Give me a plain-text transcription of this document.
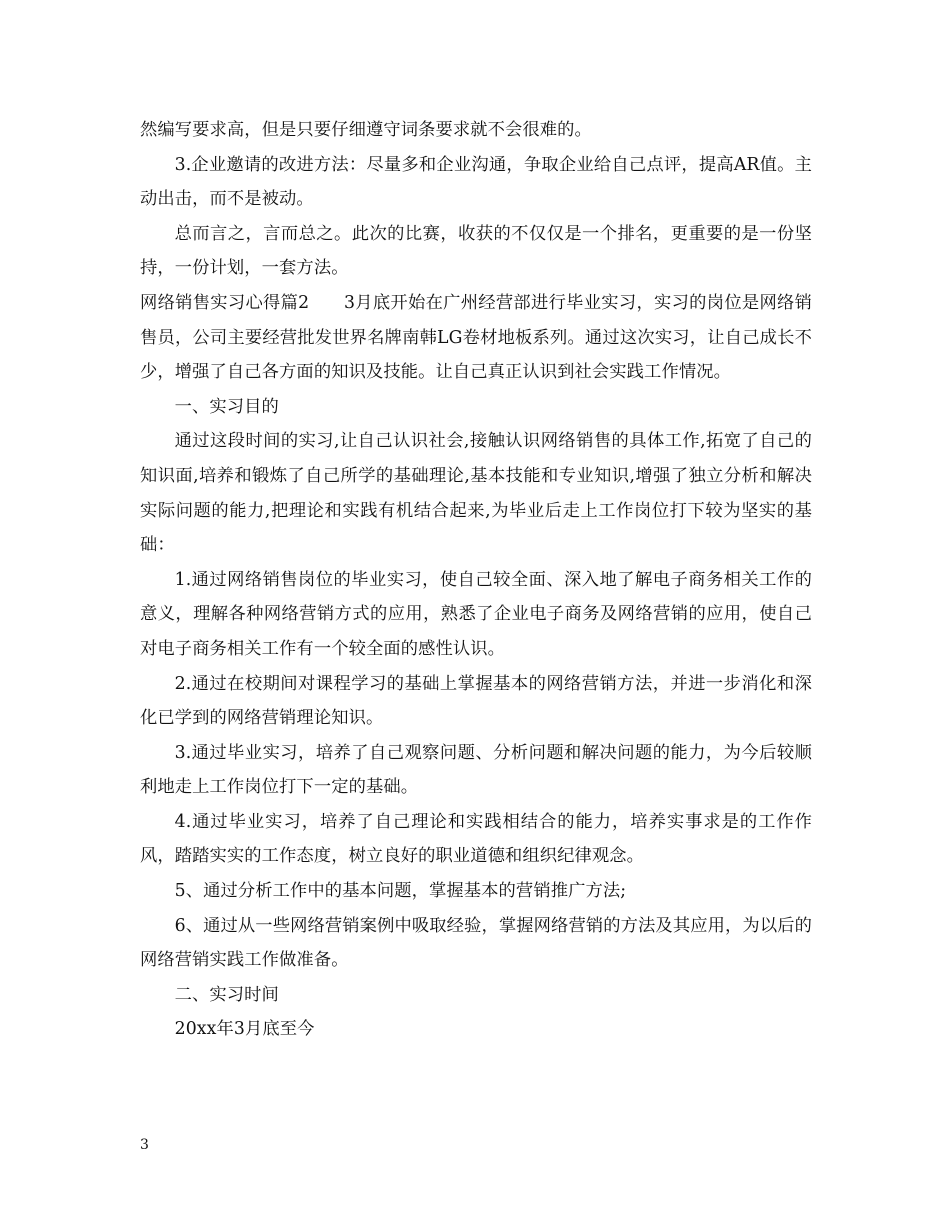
然编写要求高，但是只要仔细遵守词条要求就不会很难的。

3.企业邀请的改进方法：尽量多和企业沟通，争取企业给自己点评，提高AR值。主动出击，而不是被动。

总而言之，言而总之。此次的比赛，收获的不仅仅是一个排名，更重要的是一份坚持，一份计划，一套方法。

网络销售实习心得篇2 3月底开始在广州经营部进行毕业实习，实习的岗位是网络销售员，公司主要经营批发世界名牌南韩LG卷材地板系列。通过这次实习，让自己成长不少，增强了自己各方面的知识及技能。让自己真正认识到社会实践工作情况。

一、实习目的

通过这段时间的实习,让自己认识社会,接触认识网络销售的具体工作,拓宽了自己的知识面,培养和锻炼了自己所学的基础理论,基本技能和专业知识,增强了独立分析和解决实际问题的能力,把理论和实践有机结合起来,为毕业后走上工作岗位打下较为坚实的基础：

1.通过网络销售岗位的毕业实习，使自己较全面、深入地了解电子商务相关工作的意义，理解各种网络营销方式的应用，熟悉了企业电子商务及网络营销的应用，使自己对电子商务相关工作有一个较全面的感性认识。

2.通过在校期间对课程学习的基础上掌握基本的网络营销方法，并进一步消化和深化已学到的网络营销理论知识。

3.通过毕业实习，培养了自己观察问题、分析问题和解决问题的能力，为今后较顺利地走上工作岗位打下一定的基础。

4.通过毕业实习，培养了自己理论和实践相结合的能力，培养实事求是的工作作风，踏踏实实的工作态度，树立良好的职业道德和组织纪律观念。

5、通过分析工作中的基本问题，掌握基本的营销推广方法;

6、通过从一些网络营销案例中吸取经验，掌握网络营销的方法及其应用，为以后的网络营销实践工作做准备。

二、实习时间

20xx年3月底至今

3
